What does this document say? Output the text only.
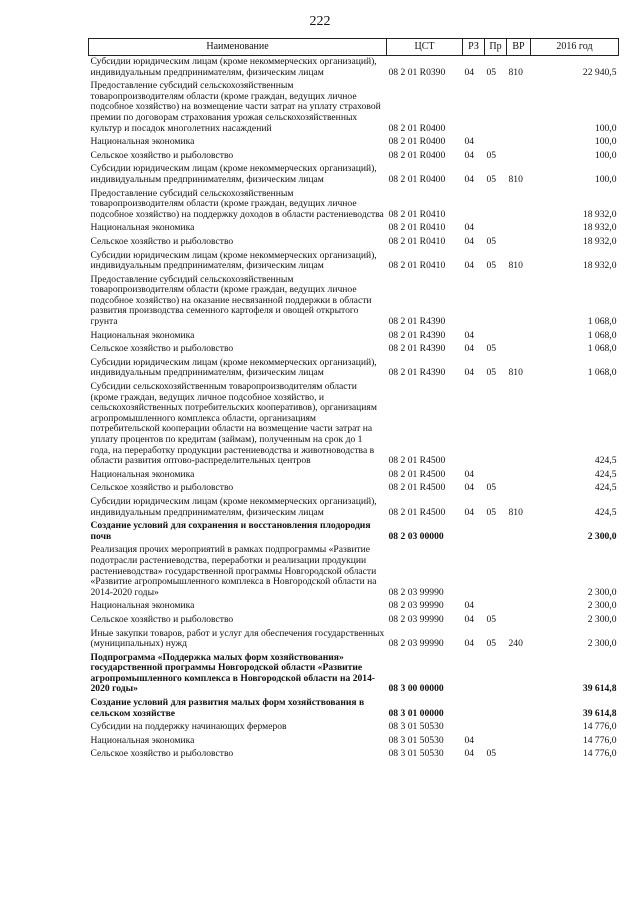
222
Наименование	ЦСТ	РЗ	Пр	ВР	2016 год
Субсидии юридическим лицам (кроме некоммерческих организаций), индивидуальным предпринимателям, физическим лицам	08 2 01 R0390	04	05	810	22 940,5
Предоставление субсидий сельскохозяйственным товаропроизводителям области (кроме граждан, ведущих личное подсобное хозяйство) на возмещение части затрат на уплату страховой премии по договорам страхования урожая сельскохозяйственных культур и посадок многолетних насаждений	08 2 01 R0400				100,0
Национальная экономика	08 2 01 R0400	04			100,0
Сельское хозяйство и рыболовство	08 2 01 R0400	04	05		100,0
Субсидии юридическим лицам (кроме некоммерческих организаций), индивидуальным предпринимателям, физическим лицам	08 2 01 R0400	04	05	810	100,0
Предоставление субсидий сельскохозяйственным товаропроизводителям области (кроме граждан, ведущих личное подсобное хозяйство) на поддержку доходов в области растениеводства	08 2 01 R0410				18 932,0
Национальная экономика	08 2 01 R0410	04			18 932,0
Сельское хозяйство и рыболовство	08 2 01 R0410	04	05		18 932,0
Субсидии юридическим лицам (кроме некоммерческих организаций), индивидуальным предпринимателям, физическим лицам	08 2 01 R0410	04	05	810	18 932,0
Предоставление субсидий сельскохозяйственным товаропроизводителям области (кроме граждан, ведущих личное подсобное хозяйство) на оказание несвязанной поддержки в области развития производства семенного картофеля и овощей открытого грунта	08 2 01 R4390				1 068,0
Национальная экономика	08 2 01 R4390	04			1 068,0
Сельское хозяйство и рыболовство	08 2 01 R4390	04	05		1 068,0
Субсидии юридическим лицам (кроме некоммерческих организаций), индивидуальным предпринимателям, физическим лицам	08 2 01 R4390	04	05	810	1 068,0
Субсидии сельскохозяйственным товаропроизводителям области (кроме граждан, ведущих личное подсобное хозяйство, и сельскохозяйственных потребительских кооперативов), организациям агропромышленного комплекса области, организациям потребительской кооперации области на возмещение части затрат на уплату процентов по кредитам (займам), полученным на срок до 1 года, на переработку продукции растениеводства и животноводства в области развития оптово-распределительных центров	08 2 01 R4500				424,5
Национальная экономика	08 2 01 R4500	04			424,5
Сельское хозяйство и рыболовство	08 2 01 R4500	04	05		424,5
Субсидии юридическим лицам (кроме некоммерческих организаций), индивидуальным предпринимателям, физическим лицам	08 2 01 R4500	04	05	810	424,5
Создание условий для сохранения и восстановления плодородия почв	08 2 03 00000				2 300,0
Реализация прочих мероприятий в рамках подпрограммы «Развитие подотрасли растениеводства, переработки и реализации продукции растениеводства» государственной программы Новгородской области «Развитие агропромышленного комплекса в Новгородской области на 2014-2020 годы»	08 2 03 99990				2 300,0
Национальная экономика	08 2 03 99990	04			2 300,0
Сельское хозяйство и рыболовство	08 2 03 99990	04	05		2 300,0
Иные закупки товаров, работ и услуг для обеспечения государственных (муниципальных) нужд	08 2 03 99990	04	05	240	2 300,0
Подпрограмма «Поддержка малых форм хозяйствования» государственной программы Новгородской области «Развитие агропромышленного комплекса в Новгородской области на 2014-2020 годы»	08 3 00 00000				39 614,8
Создание условий для развития малых форм хозяйствования в сельском хозяйстве	08 3 01 00000				39 614,8
Субсидии на поддержку начинающих фермеров	08 3 01 50530				14 776,0
Национальная экономика	08 3 01 50530	04			14 776,0
Сельское хозяйство и рыболовство	08 3 01 50530	04	05		14 776,0
